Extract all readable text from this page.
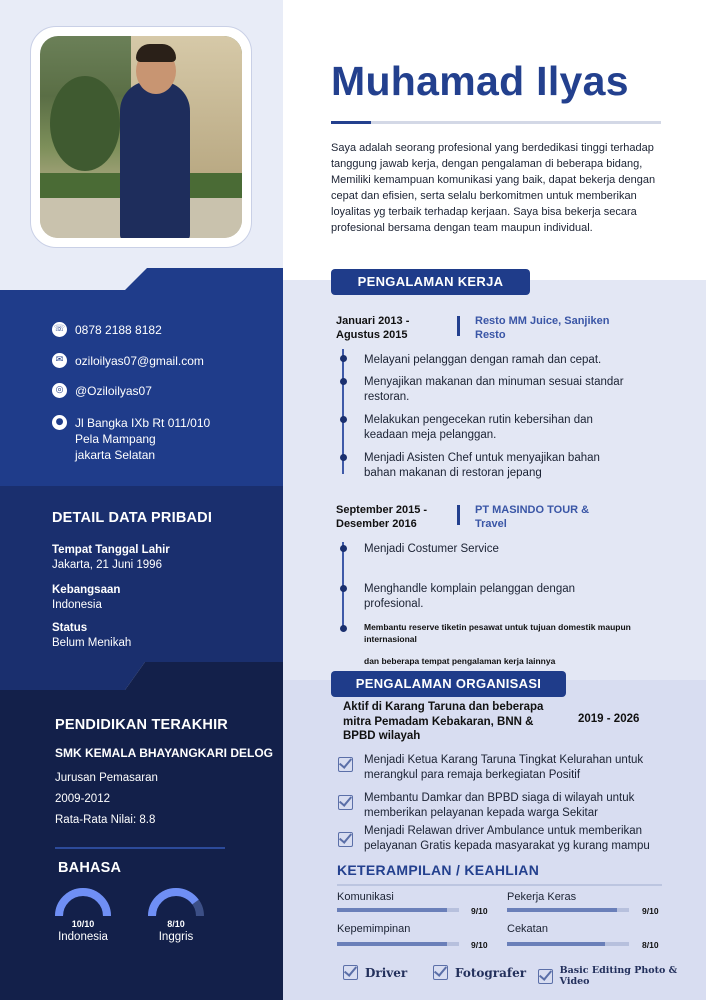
☏ 0878 2188 8182
✉ oziloilyas07@gmail.com
◎ @Oziloilyas07
● Jl Bangka IXb Rt 011/010
Pela Mampang
jakarta Selatan
DETAIL DATA PRIBADI
Tempat Tanggal Lahir
Jakarta, 21 Juni 1996
Kebangsaan
Indonesia
Status
Belum Menikah
PENDIDIKAN TERAKHIR
SMK KEMALA BHAYANGKARI DELOG
Jurusan Pemasaran
2009-2012
Rata-Rata Nilai: 8.8
BAHASA
10/10
Indonesia
8/10
Inggris
Muhamad Ilyas
Saya adalah seorang profesional yang berdedikasi tinggi terhadap tanggung jawab kerja, dengan pengalaman di beberapa bidang, Memiliki kemampuan komunikasi yang baik, dapat bekerja dengan cepat dan efisien, serta selalu berkomitmen untuk memberikan loyalitas yg terbaik terhadap kerjaan. Saya bisa bekerja secara profesional bersama dengan team maupun individual.
PENGALAMAN KERJA
Januari 2013 -
Agustus 2015
Resto MM Juice, Sanjiken
Resto
Melayani pelanggan dengan ramah dan cepat.
Menyajikan makanan dan minuman sesuai standar restoran.
Melakukan pengecekan rutin kebersihan dan keadaan meja pelanggan.
Menjadi Asisten Chef untuk menyajikan bahan bahan makanan di restoran jepang
September 2015 -
Desember 2016
PT MASINDO TOUR &
Travel
Menjadi Costumer Service
Menghandle komplain pelanggan dengan profesional.
Membantu reserve tiketin pesawat untuk tujuan domestik maupun internasional
dan beberapa tempat pengalaman kerja lainnya
PENGALAMAN ORGANISASI
Aktif di Karang Taruna dan beberapa mitra Pemadam Kebakaran, BNN & BPBD wilayah
2019 - 2026
Menjadi Ketua Karang Taruna Tingkat Kelurahan untuk merangkul para remaja berkegiatan Positif
Membantu Damkar dan BPBD siaga di wilayah untuk memberikan pelayanan kepada warga Sekitar
Menjadi Relawan driver Ambulance untuk memberikan pelayanan Gratis kepada masyarakat yg kurang mampu
KETERAMPILAN / KEAHLIAN
Komunikasi
9/10
Pekerja Keras
9/10
Kepemimpinan
9/10
Cekatan
8/10
Driver	Fotografer	Basic Editing Photo & Video
